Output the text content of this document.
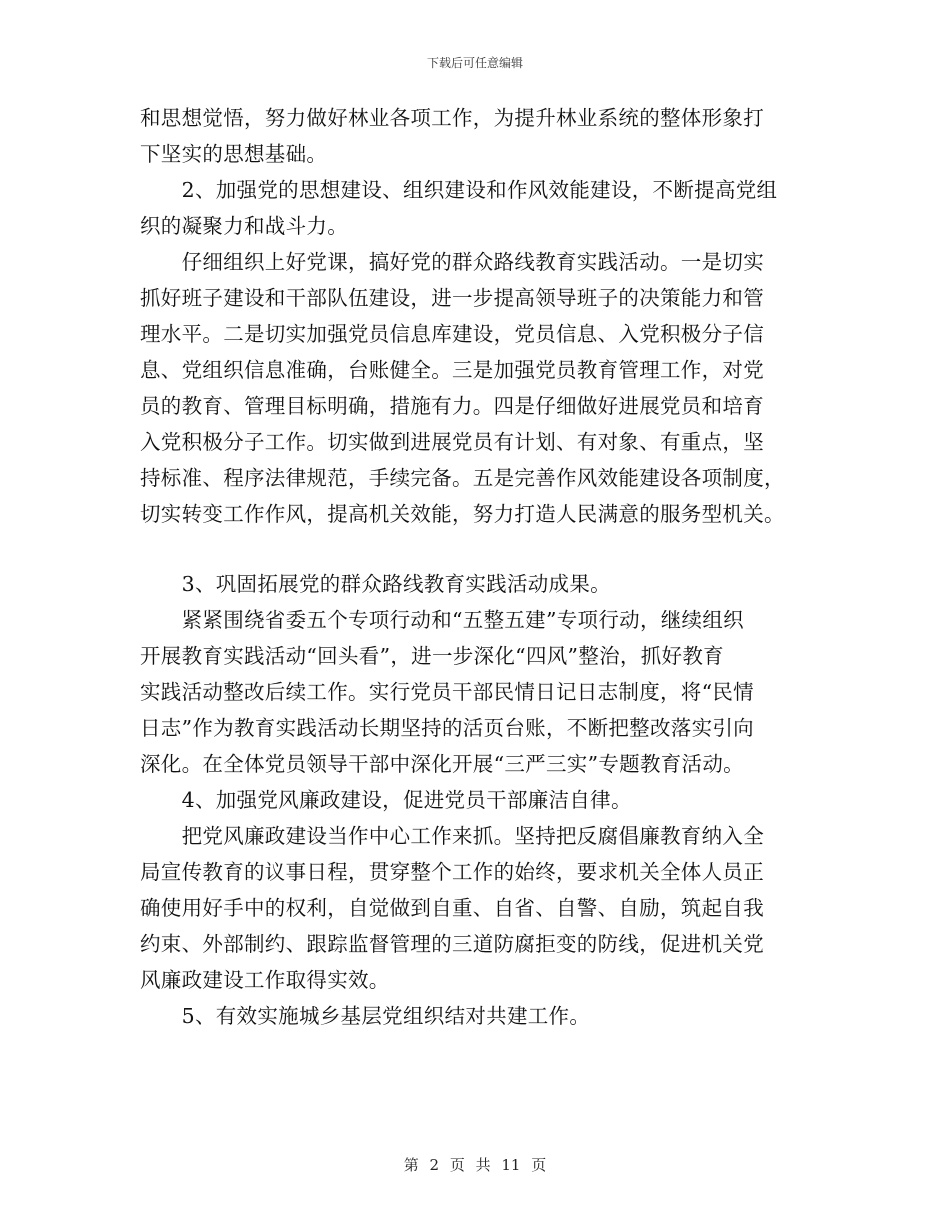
下载后可任意编辑
和思想觉悟，努力做好林业各项工作，为提升林业系统的整体形象打
下坚实的思想基础。
　　2、加强党的思想建设、组织建设和作风效能建设，不断提高党组
织的凝聚力和战斗力。
　　仔细组织上好党课，搞好党的群众路线教育实践活动。一是切实
抓好班子建设和干部队伍建设，进一步提高领导班子的决策能力和管
理水平。二是切实加强党员信息库建设，党员信息、入党积极分子信
息、党组织信息准确，台账健全。三是加强党员教育管理工作，对党
员的教育、管理目标明确，措施有力。四是仔细做好进展党员和培育
入党积极分子工作。切实做到进展党员有计划、有对象、有重点，坚
持标准、程序法律规范，手续完备。五是完善作风效能建设各项制度，
切实转变工作作风，提高机关效能，努力打造人民满意的服务型机关。
　　3、巩固拓展党的群众路线教育实践活动成果。
　　紧紧围绕省委五个专项行动和“五整五建”专项行动，继续组织
开展教育实践活动“回头看”，进一步深化“四风”整治，抓好教育
实践活动整改后续工作。实行党员干部民情日记日志制度，将“民情
日志”作为教育实践活动长期坚持的活页台账，不断把整改落实引向
深化。在全体党员领导干部中深化开展“三严三实”专题教育活动。
　　4、加强党风廉政建设，促进党员干部廉洁自律。
　　把党风廉政建设当作中心工作来抓。坚持把反腐倡廉教育纳入全
局宣传教育的议事日程，贯穿整个工作的始终，要求机关全体人员正
确使用好手中的权利，自觉做到自重、自省、自警、自励，筑起自我
约束、外部制约、跟踪监督管理的三道防腐拒变的防线，促进机关党
风廉政建设工作取得实效。
　　5、有效实施城乡基层党组织结对共建工作。
第 2 页 共 11 页
